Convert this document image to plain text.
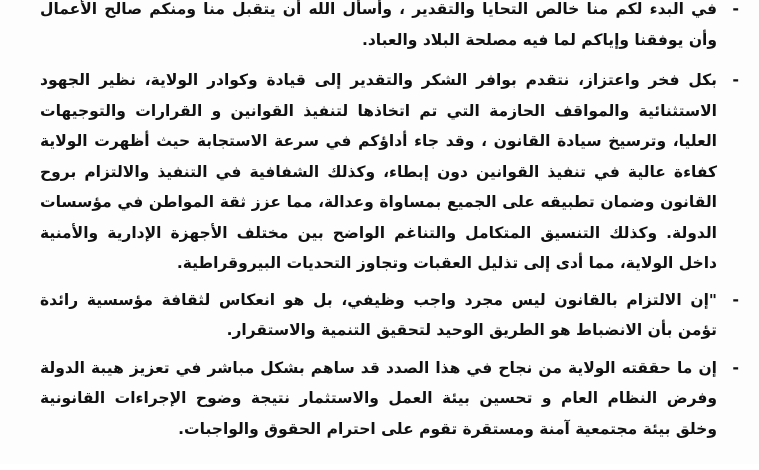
-
في البدء لكم منا خالص التحايا والتقدير ، وأسأل الله أن يتقبل منا ومنكم صالح الأعمال وأن يوفقنا وإياكم لما فيه مصلحة البلاد والعباد.
-
بكل فخر واعتزاز، نتقدم بوافر الشكر والتقدير إلى قيادة وكوادر الولاية، نظير الجهود الاستثنائية والمواقف الحازمة التي تم اتخاذها لتنفيذ القوانين و القرارات والتوجيهات العليا، وترسيخ سيادة القانون ، وقد جاء أداؤكم في سرعة الاستجابة حيث أظهرت الولاية كفاءة عالية في تنفيذ القوانين دون إبطاء، وكذلك الشفافية في التنفيذ والالتزام بروح القانون وضمان تطبيقه على الجميع بمساواة وعدالة، مما عزز ثقة المواطن في مؤسسات الدولة. وكذلك التنسيق المتكامل والتناغم الواضح بين مختلف الأجهزة الإدارية والأمنية داخل الولاية، مما أدى إلى تذليل العقبات وتجاوز التحديات البيروقراطية.
-
"إن الالتزام بالقانون ليس مجرد واجب وظيفي، بل هو انعكاس لثقافة مؤسسية رائدة تؤمن بأن الانضباط هو الطريق الوحيد لتحقيق التنمية والاستقرار.
-
إن ما حققته الولاية من نجاح في هذا الصدد قد ساهم بشكل مباشر في تعزيز هيبة الدولة وفرض النظام العام و تحسين بيئة العمل والاستثمار نتيجة وضوح الإجراءات القانونية وخلق بيئة مجتمعية آمنة ومستقرة تقوم على احترام الحقوق والواجبات.
